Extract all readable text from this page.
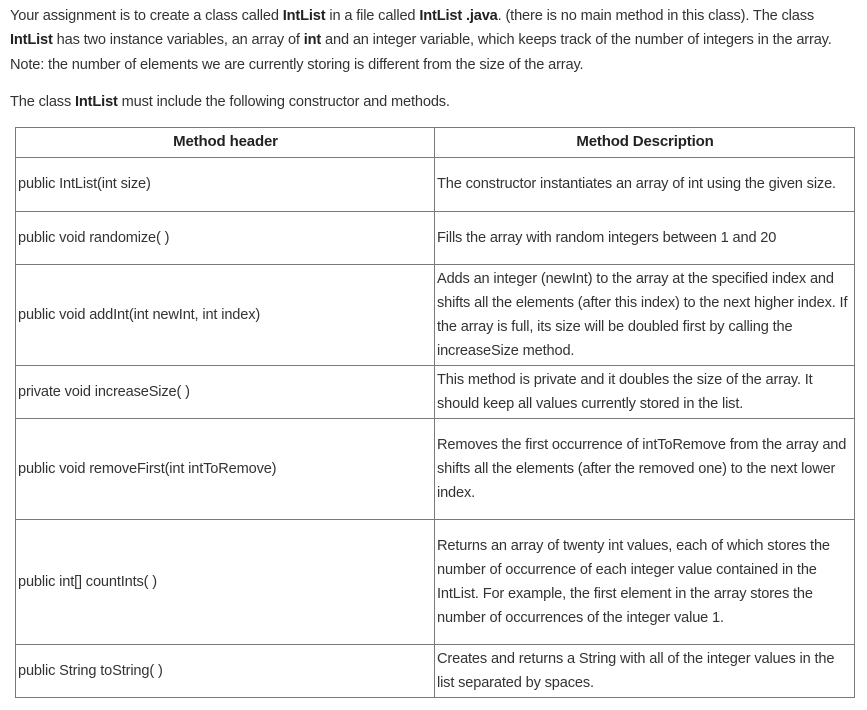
Your assignment is to create a class called IntList in a file called IntList .java. (there is no main method in this class). The class IntList has two instance variables, an array of int and an integer variable, which keeps track of the number of integers in the array. Note: the number of elements we are currently storing is different from the size of the array.

The class IntList must include the following constructor and methods.

Method header	Method Description
public IntList(int size)	The constructor instantiates an array of int using the given size.
public void randomize( )	Fills the array with random integers between 1 and 20
public void addInt(int newInt, int index)	Adds an integer (newInt) to the array at the specified index and shifts all the elements (after this index) to the next higher index. If the array is full, its size will be doubled first by calling the increaseSize method.
private void increaseSize( )	This method is private and it doubles the size of the array. It should keep all values currently stored in the list.
public void removeFirst(int intToRemove)	Removes the first occurrence of intToRemove from the array and shifts all the elements (after the removed one) to the next lower index.
public int[] countInts( )	Returns an array of twenty int values, each of which stores the number of occurrence of each integer value contained in the IntList. For example, the first element in the array stores the number of occurrences of the integer value 1.
public String toString( )	Creates and returns a String with all of the integer values in the list separated by spaces.
